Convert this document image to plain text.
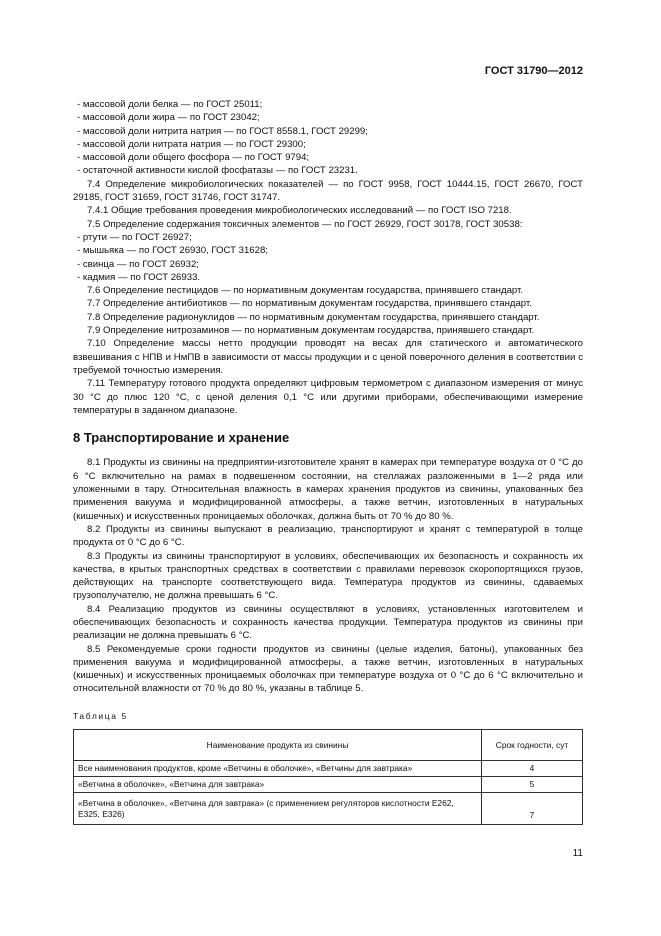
ГОСТ 31790—2012

- массовой доли белка — по ГОСТ 25011;

- массовой доли жира — по ГОСТ 23042;

- массовой доли нитрита натрия — по ГОСТ 8558.1, ГОСТ 29299;

- массовой доли нитрата натрия — по ГОСТ 29300;

- массовой доли общего фосфора — по ГОСТ 9794;

- остаточной активности кислой фосфатазы — по ГОСТ 23231.

7.4 Определение микробиологических показателей — по ГОСТ 9958, ГОСТ 10444.15, ГОСТ 26670, ГОСТ 29185, ГОСТ 31659, ГОСТ 31746, ГОСТ 31747.

7.4.1 Общие требования проведения микробиологических исследований — по ГОСТ ISO 7218.

7.5 Определение содержания токсичных элементов — по ГОСТ 26929, ГОСТ 30178, ГОСТ 30538:

- ртути — по ГОСТ 26927;

- мышьяка — по ГОСТ 26930, ГОСТ 31628;

- свинца — по ГОСТ 26932;

- кадмия — по ГОСТ 26933.

7.6 Определение пестицидов — по нормативным документам государства, принявшего стандарт.

7.7 Определение антибиотиков — по нормативным документам государства, принявшего стандарт.

7.8 Определение радионуклидов — по нормативным документам государства, принявшего стандарт.

7.9 Определение нитрозаминов — по нормативным документам государства, принявшего стандарт.

7.10 Определение массы нетто продукции проводят на весах для статического и автоматического взвешивания с НПВ и НмПВ в зависимости от массы продукции и с ценой поверочного деления в соответствии с требуемой точностью измерения.

7.11 Температуру готового продукта определяют цифровым термометром с диапазоном измерения от минус 30 °С до плюс 120 °С, с ценой деления 0,1 °С или другими приборами, обеспечивающими измерение температуры в заданном диапазоне.

8 Транспортирование и хранение

8.1 Продукты из свинины на предприятии-изготовителе хранят в камерах при температуре воздуха от 0 °С до 6 °С включительно на рамах в подвешенном состоянии, на стеллажах разложенными в 1—2 ряда или уложенными в тару. Относительная влажность в камерах хранения продуктов из свинины, упакованных без применения вакуума и модифицированной атмосферы, а также ветчин, изготовленных в натуральных (кишечных) и искусственных проницаемых оболочках, должна быть от 70 % до 80 %.

8.2 Продукты из свинины выпускают в реализацию, транспортируют и хранят с температурой в толще продукта от 0 °С до 6 °С.

8.3 Продукты из свинины транспортируют в условиях, обеспечивающих их безопасность и сохранность их качества, в крытых транспортных средствах в соответствии с правилами перевозок скоропортящихся грузов, действующих на транспорте соответствующего вида. Температура продуктов из свинины, сдаваемых грузополучателю, не должна превышать 6 °С.

8.4 Реализацию продуктов из свинины осуществляют в условиях, установленных изготовителем и обеспечивающих безопасность и сохранность качества продукции. Температура продуктов из свинины при реализации не должна превышать 6 °С.

8.5 Рекомендуемые сроки годности продуктов из свинины (целые изделия, батоны), упакованных без применения вакуума и модифицированной атмосферы, а также ветчин, изготовленных в натуральных (кишечных) и искусственных проницаемых оболочках при температуре воздуха от 0 °С до 6 °С включительно и относительной влажности от 70 % до 80 %, указаны в таблице 5.

Таблица 5
Наименование продукта из свинины	Срок годности, сут
Все наименования продуктов, кроме «Ветчины в оболочке», «Ветчины для завтрака»	4
«Ветчина в оболочке», «Ветчина для завтрака»	5
«Ветчина в оболочке», «Ветчина для завтрака» (с применением регуляторов кислотности Е262, Е325, Е326)	7
11
